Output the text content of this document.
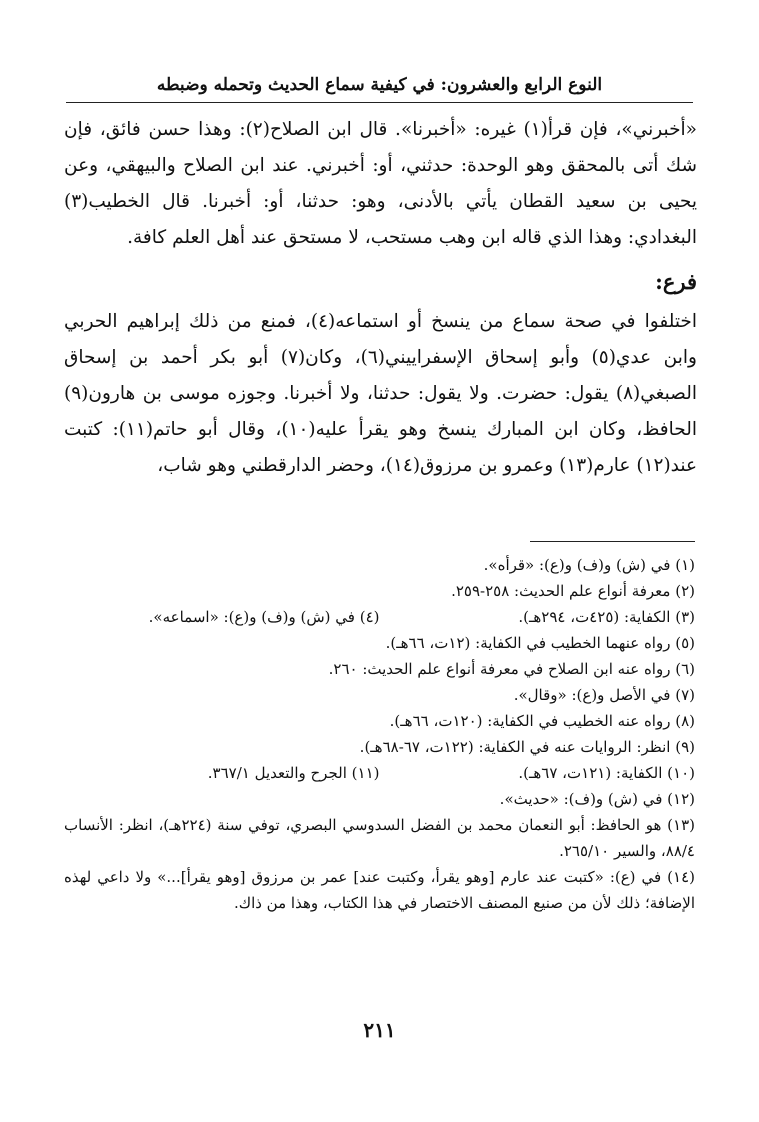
النوع الرابع والعشرون: في كيفية سماع الحديث وتحمله وضبطه

«أخبرني»، فإن قرأ(١) غيره: «أخبرنا». قال ابن الصلاح(٢): وهذا حسن فائق، فإن شك أتى بالمحقق وهو الوحدة: حدثني، أو: أخبرني. عند ابن الصلاح والبيهقي، وعن يحيى بن سعيد القطان يأتي بالأدنى، وهو: حدثنا، أو: أخبرنا. قال الخطيب(٣) البغدادي: وهذا الذي قاله ابن وهب مستحب، لا مستحق عند أهل العلم كافة.

فرع:

اختلفوا في صحة سماع من ينسخ أو استماعه(٤)، فمنع من ذلك إبراهيم الحربي وابن عدي(٥) وأبو إسحاق الإسفراييني(٦)، وكان(٧) أبو بكر أحمد بن إسحاق الصبغي(٨) يقول: حضرت. ولا يقول: حدثنا، ولا أخبرنا. وجوزه موسى بن هارون(٩) الحافظ، وكان ابن المبارك ينسخ وهو يقرأ عليه(١٠)، وقال أبو حاتم(١١): كتبت عند(١٢) عارم(١٣) وعمرو بن مرزوق(١٤)، وحضر الدارقطني وهو شاب،

(١) في (ش) و(ف) و(ع): «قرأه».

(٢) معرفة أنواع علم الحديث: ٢٥٨-٢٥٩.

(٣) الكفاية: (٤٢٥ت، ٢٩٤هـ).

(٤) في (ش) و(ف) و(ع): «اسماعه».

(٥) رواه عنهما الخطيب في الكفاية: (١٢ت، ٦٦هـ).

(٦) رواه عنه ابن الصلاح في معرفة أنواع علم الحديث: ٢٦٠.

(٧) في الأصل و(ع): «وقال».

(٨) رواه عنه الخطيب في الكفاية: (١٢٠ت، ٦٦هـ).

(٩) انظر: الروايات عنه في الكفاية: (١٢٢ت، ٦٧-٦٨هـ).

(١٠) الكفاية: (١٢١ت، ٦٧هـ).

(١١) الجرح والتعديل ٣٦٧/١.

(١٢) في (ش) و(ف): «حديث».

(١٣) هو الحافظ: أبو النعمان محمد بن الفضل السدوسي البصري، توفي سنة (٢٢٤هـ)، انظر: الأنساب ٨٨/٤، والسير ٢٦٥/١٠.

(١٤) في (ع): «كتبت عند عارم [وهو يقرأ، وكتبت عند] عمر بن مرزوق [وهو يقرأ]...» ولا داعي لهذه الإضافة؛ ذلك لأن من صنيع المصنف الاختصار في هذا الكتاب، وهذا من ذاك.

٢١١
